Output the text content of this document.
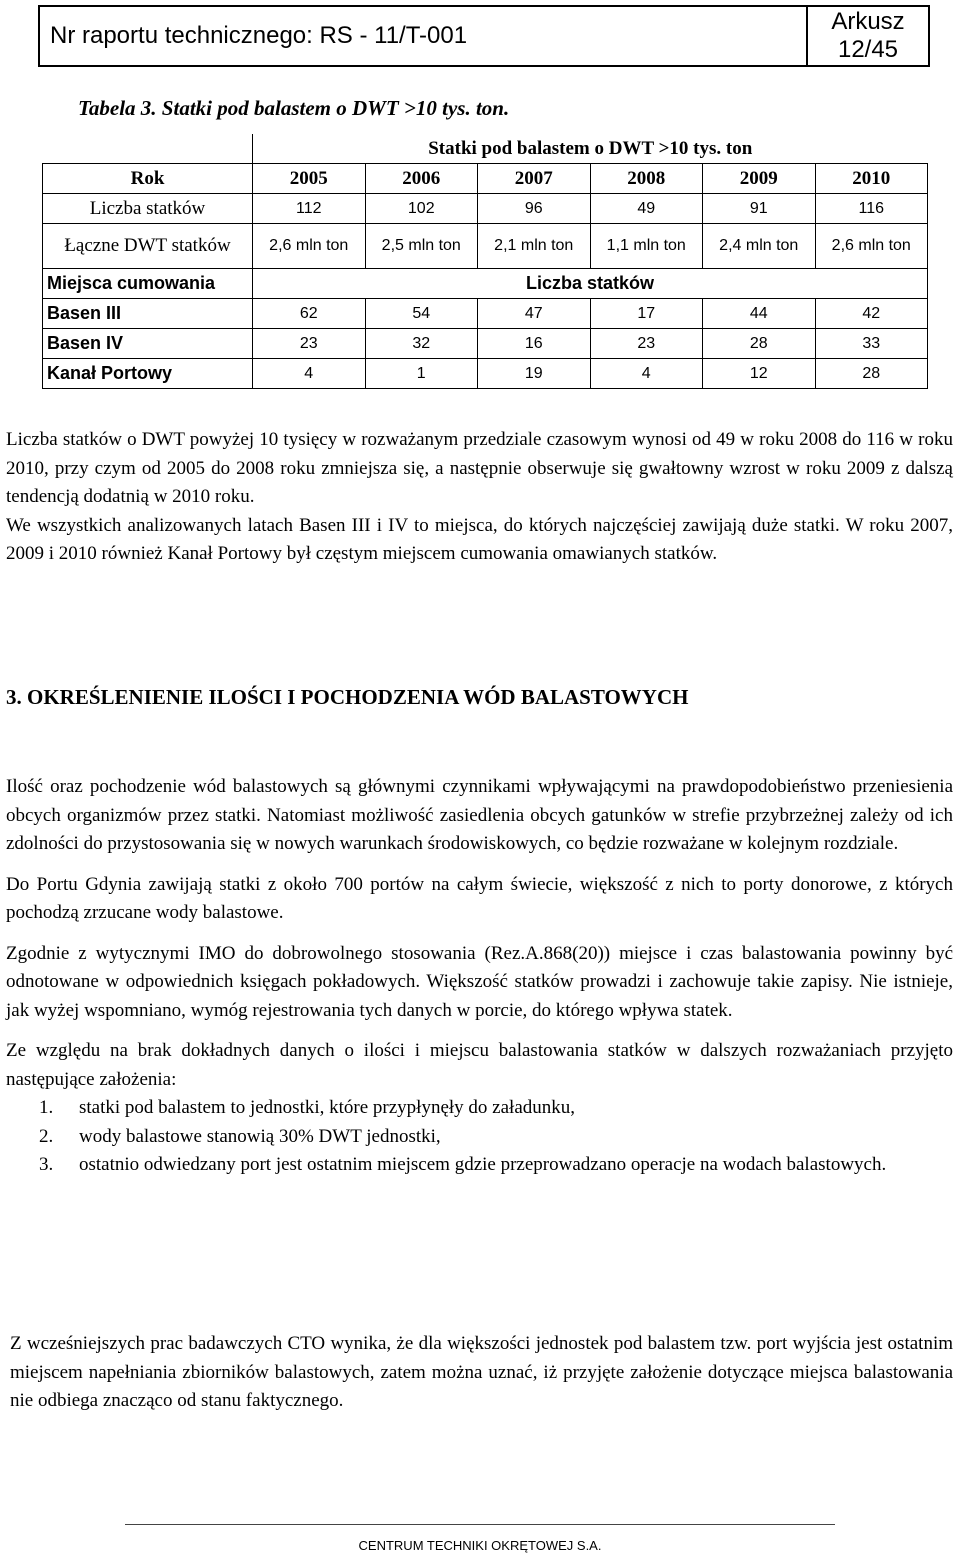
Nr raportu technicznego: RS - 11/T-001
Arkusz
12/45
Tabela 3. Statki pod balastem o DWT >10 tys. ton.
	Statki pod balastem o DWT >10 tys. ton					
Rok	2005	2006	2007	2008	2009	2010
Liczba statków	112	102	96	49	91	116
Łączne DWT statków	2,6 mln ton	2,5 mln ton	2,1 mln ton	1,1 mln ton	2,4 mln ton	2,6 mln ton
Miejsca cumowania	Liczba statków					
Basen III	62	54	47	17	44	42
Basen IV	23	32	16	23	28	33
Kanał Portowy	4	1	19	4	12	28

Liczba statków o DWT powyżej 10 tysięcy w rozważanym przedziale czasowym wynosi od 49 w roku 2008 do 116 w roku 2010, przy czym od 2005 do 2008 roku zmniejsza się, a następnie obserwuje się gwałtowny wzrost w roku 2009 z dalszą tendencją dodatnią w 2010 roku.

We wszystkich analizowanych latach Basen III i IV to miejsca, do których najczęściej zawijają duże statki. W roku 2007, 2009 i 2010 również Kanał Portowy był częstym miejscem cumowania omawianych statków.

3. OKREŚLENIENIE ILOŚCI I POCHODZENIA WÓD BALASTOWYCH

Ilość oraz pochodzenie wód balastowych są głównymi czynnikami wpływającymi na prawdopodobieństwo przeniesienia obcych organizmów przez statki. Natomiast możliwość zasiedlenia obcych gatunków w strefie przybrzeżnej zależy od ich zdolności do przystosowania się w nowych warunkach środowiskowych, co będzie rozważane w kolejnym rozdziale.

Do Portu Gdynia zawijają statki z około 700 portów na całym świecie, większość z nich to porty donorowe, z których pochodzą zrzucane wody balastowe.

Zgodnie z wytycznymi IMO do dobrowolnego stosowania (Rez.A.868(20)) miejsce i czas balastowania powinny być odnotowane w odpowiednich księgach pokładowych. Większość statków prowadzi i zachowuje takie zapisy. Nie istnieje, jak wyżej wspomniano, wymóg rejestrowania tych danych w porcie, do którego wpływa statek.

Ze względu na brak dokładnych danych o ilości i miejscu balastowania statków w dalszych rozważaniach przyjęto następujące założenia:

1.	statki pod balastem to jednostki, które przypłynęły do załadunku,
2.	wody balastowe stanowią 30% DWT jednostki,
3.	ostatnio odwiedzany port jest ostatnim miejscem gdzie przeprowadzano operacje na wodach balastowych.

Z wcześniejszych prac badawczych CTO wynika, że dla większości jednostek pod balastem tzw. port wyjścia jest ostatnim miejscem napełniania zbiorników balastowych, zatem można uznać, iż przyjęte założenie dotyczące miejsca balastowania nie odbiega znacząco od stanu faktycznego.

CENTRUM TECHNIKI OKRĘTOWEJ S.A.
